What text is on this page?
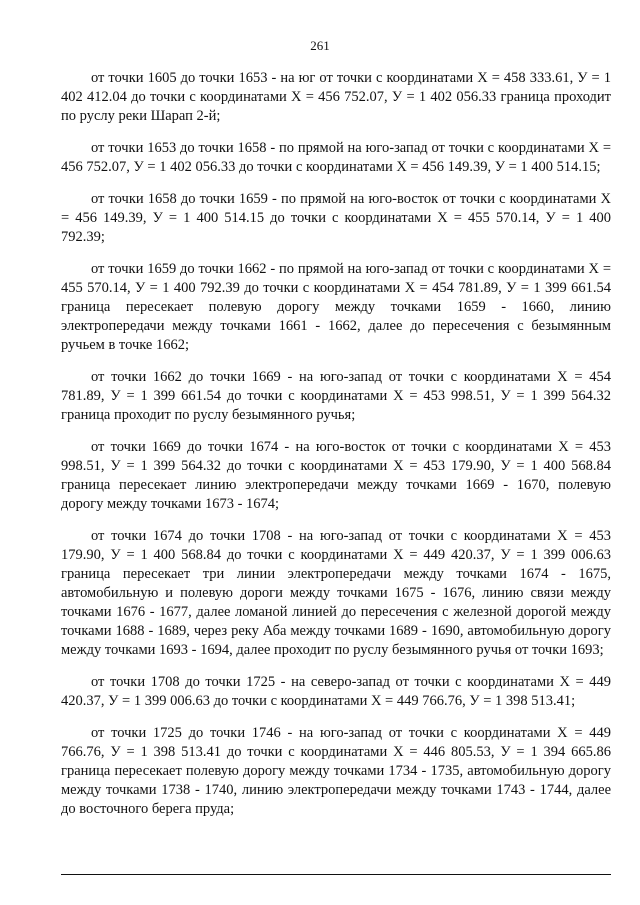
261

от точки 1605 до точки 1653 - на юг от точки с координатами Х = 458 333.61, У = 1 402 412.04 до точки с координатами Х = 456 752.07, У = 1 402 056.33 граница проходит по руслу реки Шарап 2-й;

от точки 1653 до точки 1658 - по прямой на юго-запад от точки с координатами Х = 456 752.07, У = 1 402 056.33 до точки с координатами Х = 456 149.39, У = 1 400 514.15;

от точки 1658 до точки 1659 - по прямой на юго-восток от точки с координатами Х = 456 149.39, У = 1 400 514.15 до точки с координатами Х = 455 570.14, У = 1 400 792.39;

от точки 1659 до точки 1662 - по прямой на юго-запад от точки с координатами Х = 455 570.14, У = 1 400 792.39 до точки с координатами Х = 454 781.89, У = 1 399 661.54 граница пересекает полевую дорогу между точками 1659 - 1660, линию электропередачи между точками 1661 - 1662, далее до пересечения с безымянным ручьем в точке 1662;

от точки 1662 до точки 1669 - на юго-запад от точки с координатами Х = 454 781.89, У = 1 399 661.54 до точки с координатами Х = 453 998.51, У = 1 399 564.32 граница проходит по руслу безымянного ручья;

от точки 1669 до точки 1674 - на юго-восток от точки с координатами Х = 453 998.51, У = 1 399 564.32 до точки с координатами Х = 453 179.90, У = 1 400 568.84 граница пересекает линию электропередачи между точками 1669 - 1670, полевую дорогу между точками 1673 - 1674;

от точки 1674 до точки 1708 - на юго-запад от точки с координатами Х = 453 179.90, У = 1 400 568.84 до точки с координатами Х = 449 420.37, У = 1 399 006.63 граница пересекает три линии электропередачи между точками 1674 - 1675, автомобильную и полевую дороги между точками 1675 - 1676, линию связи между точками 1676 - 1677, далее ломаной линией до пересечения с железной дорогой между точками 1688 - 1689, через реку Аба между точками 1689 - 1690, автомобильную дорогу между точками 1693 - 1694, далее проходит по руслу безымянного ручья от точки 1693;

от точки 1708 до точки 1725 - на северо-запад от точки с координатами Х = 449 420.37, У = 1 399 006.63 до точки с координатами Х = 449 766.76, У = 1 398 513.41;

от точки 1725 до точки 1746 - на юго-запад от точки с координатами Х = 449 766.76, У = 1 398 513.41 до точки с координатами Х = 446 805.53, У = 1 394 665.86 граница пересекает полевую дорогу между точками 1734 - 1735, автомобильную дорогу между точками 1738 - 1740, линию электропередачи между точками 1743 - 1744, далее до восточного берега пруда;
